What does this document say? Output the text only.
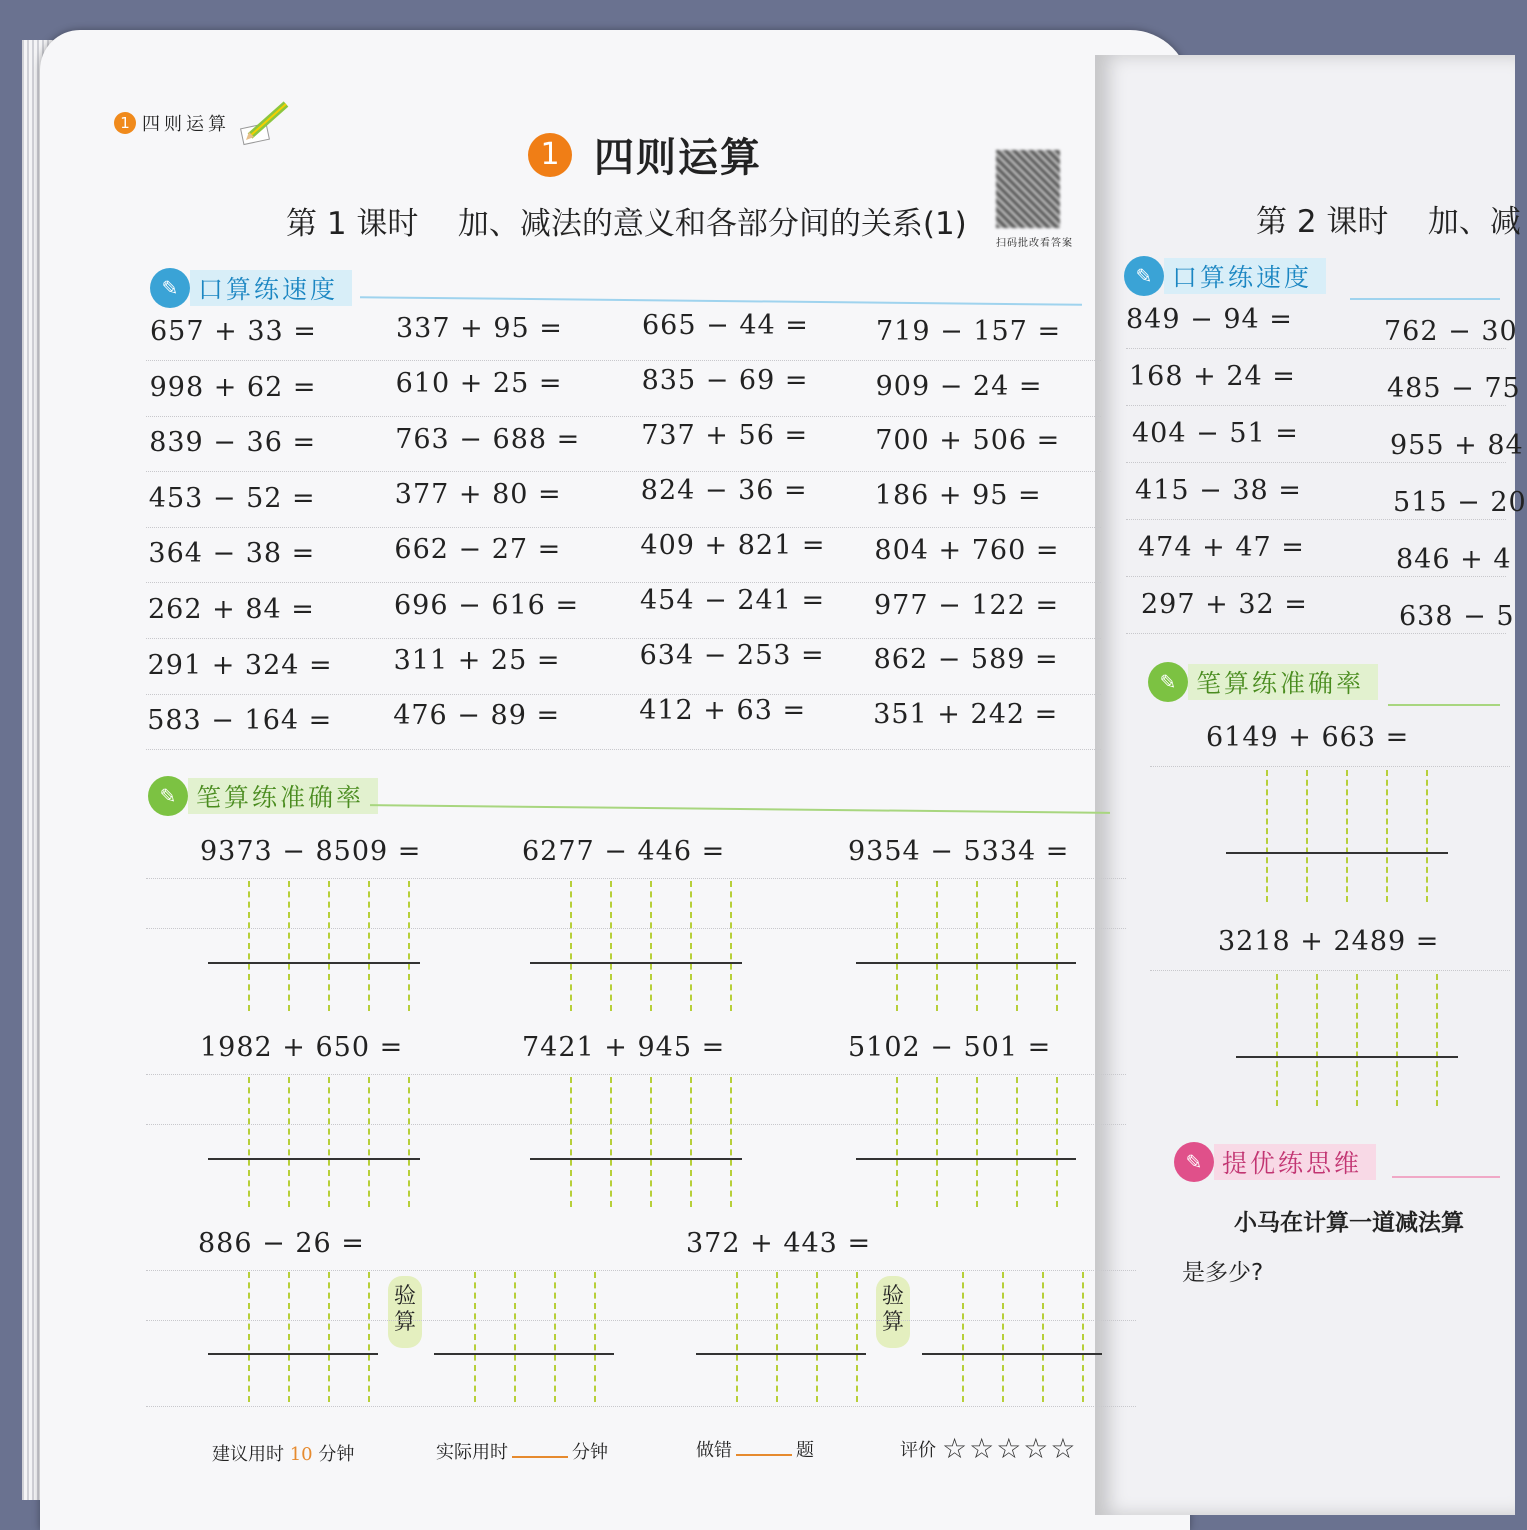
1 四则运算
1 四则运算
第 1 课时    加、减法的意义和各部分间的关系(1)
扫码批改看答案
✎ 口算练速度
657 + 33 =	337 + 95 =	665 − 44 = 719 − 157 =
998 + 62 =	610 + 25 =	835 − 69 = 909 − 24 =
839 − 36 =	763 − 688 = 737 + 56 = 700 + 506 =
453 − 52 =	377 + 80 =	824 − 36 = 186 + 95 =
364 − 38 =	662 − 27 =	409 + 821 = 804 + 760 =
262 + 84 =	696 − 616 = 454 − 241 = 977 − 122 =
291 + 324 = 311 + 25 =	634 − 253 = 862 − 589 =
583 − 164 = 476 − 89 =	412 + 63 = 351 + 242 =
✎ 笔算练准确率
9373 − 8509 =	6277 − 446 =	9354 − 5334 =
1982 + 650 =	7421 + 945 =	5102 − 501 =
886 − 26 =
验算
372 + 443 =
验算
建议用时 10 分钟	实际用时	分钟	做错	题	评价 ☆☆☆☆☆
第 2 课时    加、减
✎ 口算练速度
849 − 94 =	762 − 30
168 + 24 =	485 − 75
404 − 51 =	955 + 84
415 − 38 =	515 − 20
474 + 47 =	846 + 4
297 + 32 =	638 − 5
✎ 笔算练准确率
6149 + 663 =
3218 + 2489 =
✎ 提优练思维
小马在计算一道减法算
是多少?
